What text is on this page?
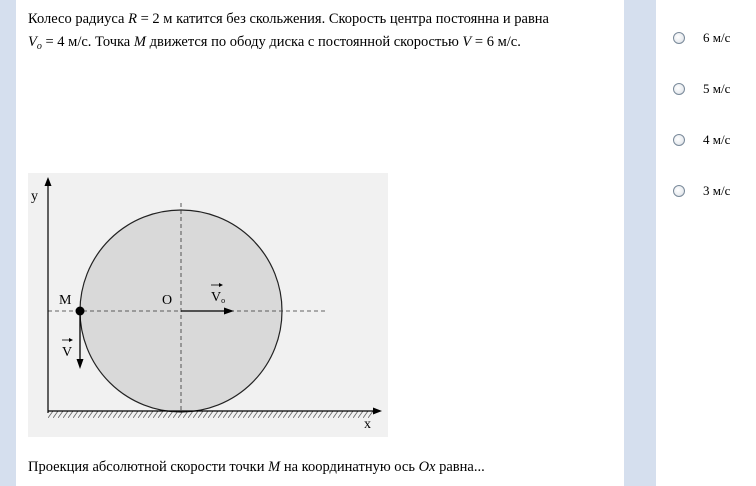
Колесо радиуса R = 2 м катится без скольжения. Скорость центра постоянна и равна
$V_o = 4$ м/с. Точка M движется по ободу диска с постоянной скоростью V = 6 м/с.
Проекция абсолютной скорости точки M на координатную ось Ox равна...
y
x
M	O	Vo
V
6 м/с
5 м/с
4 м/с
3 м/с
